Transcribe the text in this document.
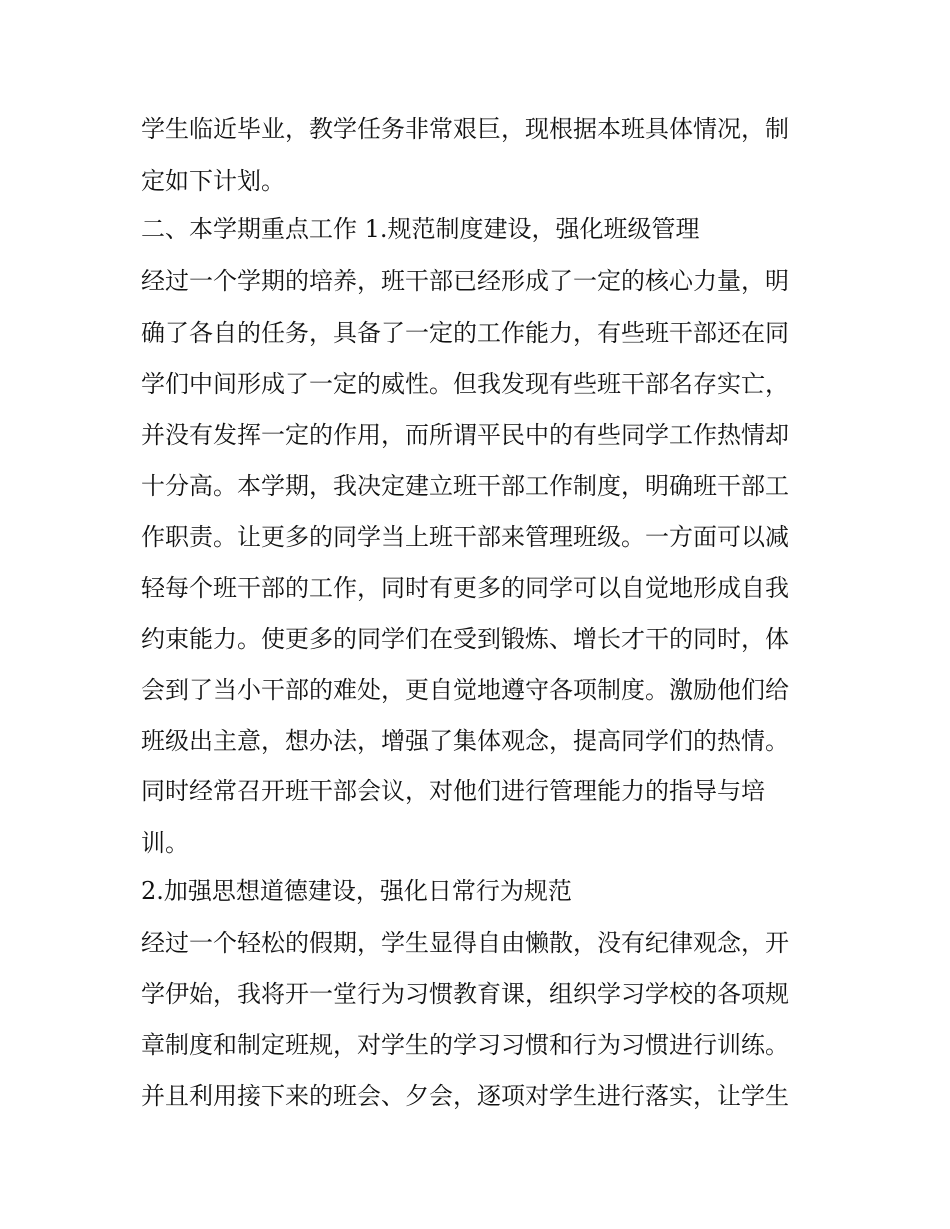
学生临近毕业，教学任务非常艰巨，现根据本班具体情况，制

定如下计划。

二、本学期重点工作 1.规范制度建设，强化班级管理

经过一个学期的培养，班干部已经形成了一定的核心力量，明

确了各自的任务，具备了一定的工作能力，有些班干部还在同

学们中间形成了一定的威性。但我发现有些班干部名存实亡，

并没有发挥一定的作用，而所谓平民中的有些同学工作热情却

十分高。本学期，我决定建立班干部工作制度，明确班干部工

作职责。让更多的同学当上班干部来管理班级。一方面可以减

轻每个班干部的工作，同时有更多的同学可以自觉地形成自我

约束能力。使更多的同学们在受到锻炼、增长才干的同时，体

会到了当小干部的难处，更自觉地遵守各项制度。激励他们给

班级出主意，想办法，增强了集体观念，提高同学们的热情。

同时经常召开班干部会议，对他们进行管理能力的指导与培

训。

2.加强思想道德建设，强化日常行为规范

经过一个轻松的假期，学生显得自由懒散，没有纪律观念，开

学伊始，我将开一堂行为习惯教育课，组织学习学校的各项规

章制度和制定班规，对学生的学习习惯和行为习惯进行训练。

并且利用接下来的班会、夕会，逐项对学生进行落实，让学生
